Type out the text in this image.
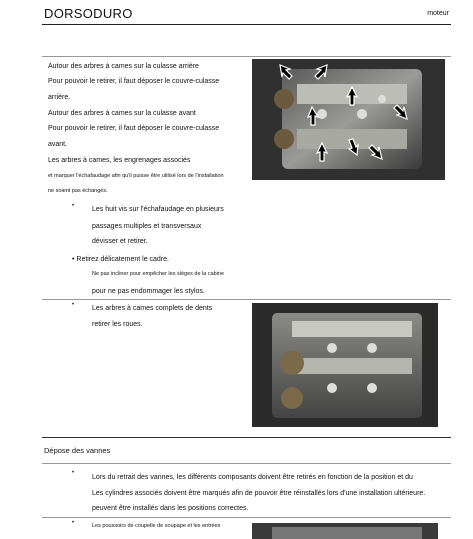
DORSODURO	moteur
Autour des arbres à cames sur la culasse arrière
Pour pouvoir le retirer, il faut déposer le couvre-culasse
arrière.
Autour des arbres à cames sur la culasse avant
Pour pouvoir le retirer, il faut déposer le couvre-culasse
avant.
Les arbres à cames, les engrenages associés
et marquer l'échafaudage afin qu'il puisse être utilisé lors de l'installation
ne soient pas échangés.
•	Les huit vis sur l'échafaudage en plusieurs
passages multiples et transversaux
dévisser et retirer.
• Retirez délicatement le cadre.
Ne pas incliner pour empêcher les sièges de la cabine
pour ne pas endommager les stylos.
•	Les arbres à cames complets de dents
retirer les roues.
Dépose des vannes
•
Lors du retrait des vannes, les différents composants doivent être retirés en fonction de la position et du
Les cylindres associés doivent être marqués afin de pouvoir être réinstallés lors d'une installation ultérieure.
peuvent être installés dans les positions correctes.
•	Les poussoirs de coupelle de soupape et les entrées
